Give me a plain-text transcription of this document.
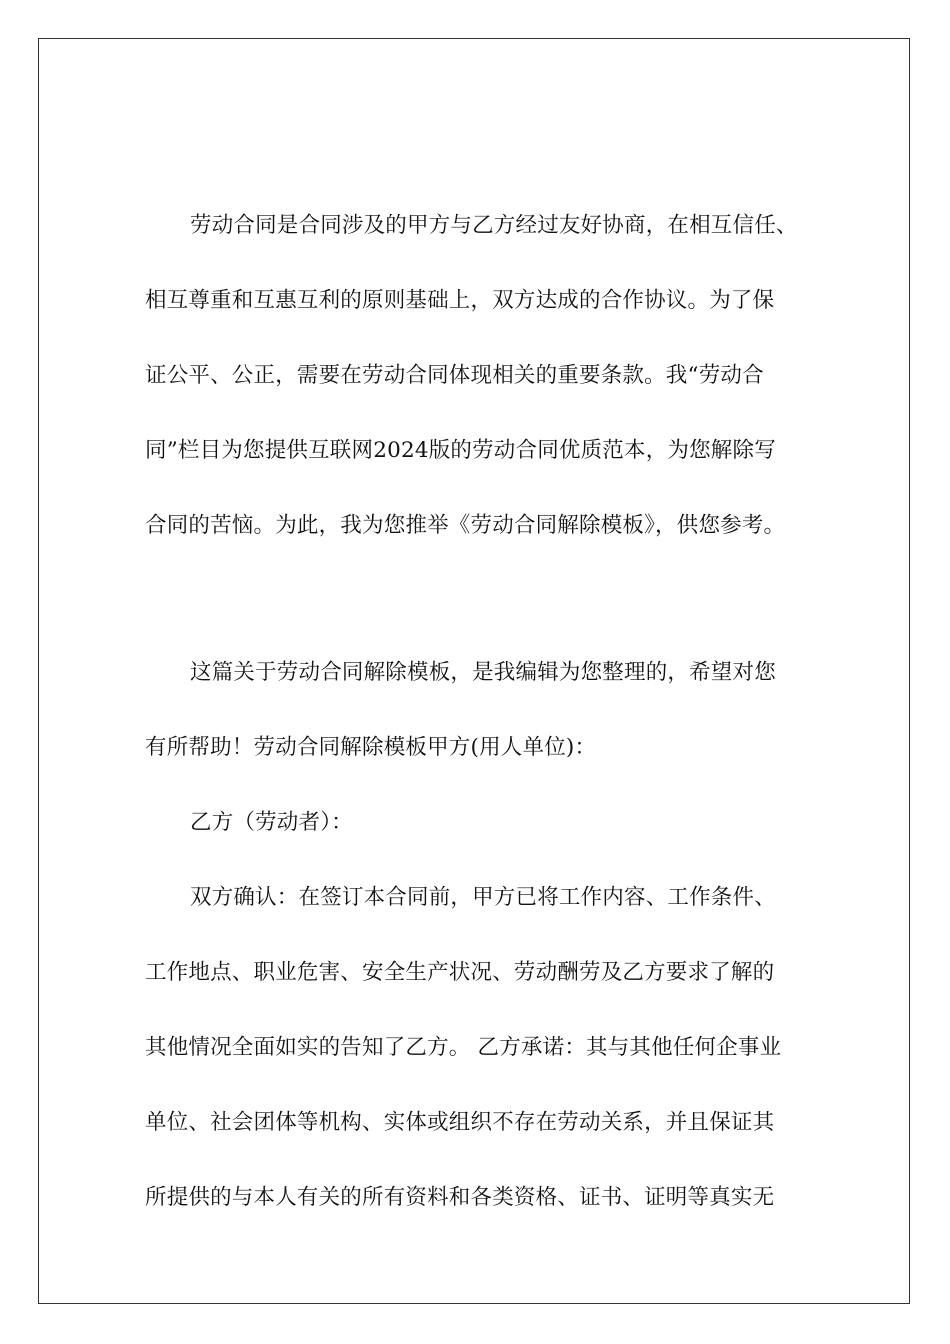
劳动合同是合同涉及的甲方与乙方经过友好协商，在相互信任、
相互尊重和互惠互利的原则基础上，双方达成的合作协议。为了保
证公平、公正，需要在劳动合同体现相关的重要条款。我“劳动合
同”栏目为您提供互联网2024版的劳动合同优质范本，为您解除写
合同的苦恼。为此，我为您推举《劳动合同解除模板》，供您参考。
这篇关于劳动合同解除模板，是我编辑为您整理的，希望对您
有所帮助！劳动合同解除模板甲方(用人单位)：
乙方（劳动者）：
双方确认：在签订本合同前，甲方已将工作内容、工作条件、
工作地点、职业危害、安全生产状况、劳动酬劳及乙方要求了解的
其他情况全面如实的告知了乙方。 乙方承诺：其与其他任何企事业
单位、社会团体等机构、实体或组织不存在劳动关系，并且保证其
所提供的与本人有关的所有资料和各类资格、证书、证明等真实无
